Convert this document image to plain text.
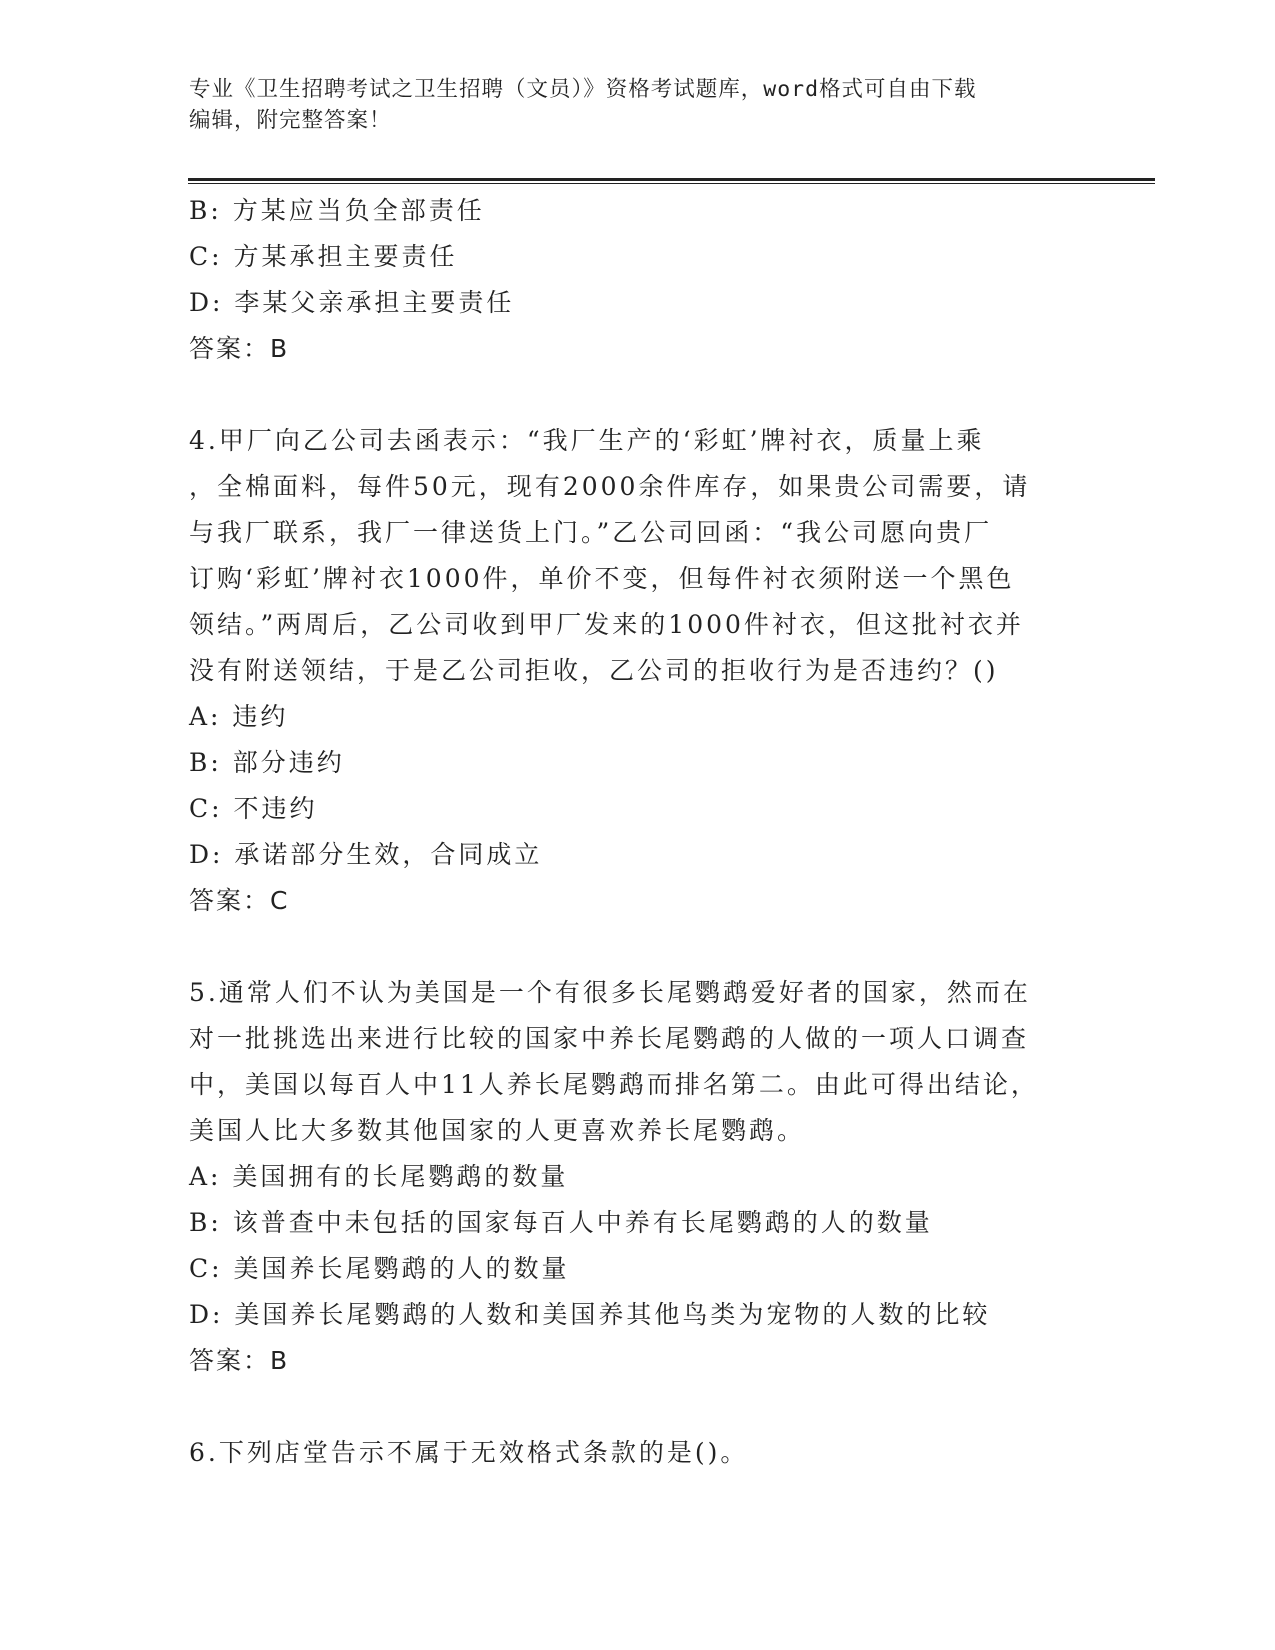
专业《卫生招聘考试之卫生招聘（文员）》资格考试题库，word格式可自由下载
编辑，附完整答案！
B: 方某应当负全部责任
C: 方某承担主要责任
D: 李某父亲承担主要责任
答案：B
4.甲厂向乙公司去函表示：“我厂生产的‘彩虹’牌衬衣，质量上乘
，全棉面料，每件50元，现有2000余件库存，如果贵公司需要，请
与我厂联系，我厂一律送货上门。”乙公司回函：“我公司愿向贵厂
订购‘彩虹’牌衬衣1000件，单价不变，但每件衬衣须附送一个黑色
领结。”两周后，乙公司收到甲厂发来的1000件衬衣，但这批衬衣并
没有附送领结，于是乙公司拒收，乙公司的拒收行为是否违约？()
A: 违约
B: 部分违约
C: 不违约
D: 承诺部分生效，合同成立
答案：C
5.通常人们不认为美国是一个有很多长尾鹦鹉爱好者的国家，然而在
对一批挑选出来进行比较的国家中养长尾鹦鹉的人做的一项人口调查
中，美国以每百人中11人养长尾鹦鹉而排名第二。由此可得出结论，
美国人比大多数其他国家的人更喜欢养长尾鹦鹉。
A: 美国拥有的长尾鹦鹉的数量
B: 该普查中未包括的国家每百人中养有长尾鹦鹉的人的数量
C: 美国养长尾鹦鹉的人的数量
D: 美国养长尾鹦鹉的人数和美国养其他鸟类为宠物的人数的比较
答案：B
6.下列店堂告示不属于无效格式条款的是()。
